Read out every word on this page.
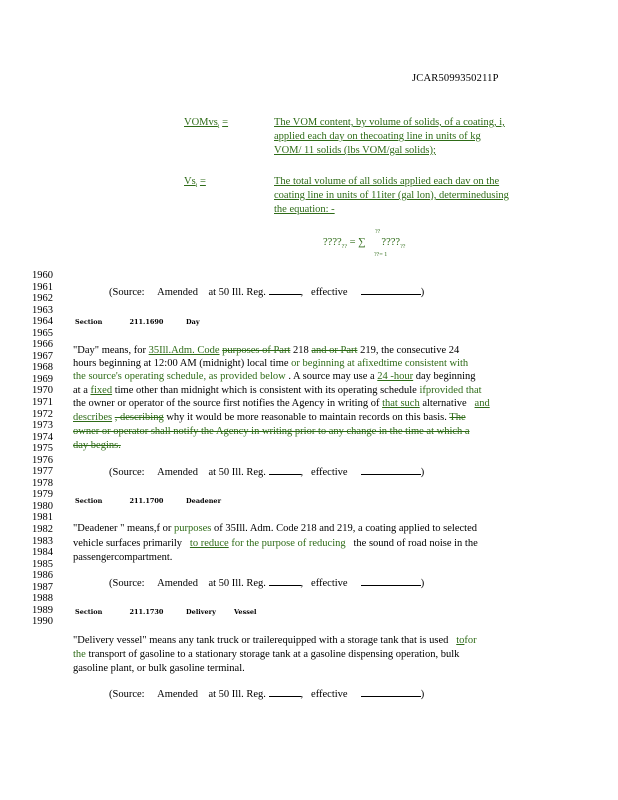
JCAR5099350211P
VOMvs$_i$ =	The VOM content, by volume of solids, of a coating, i,
applied each day on thecoating line in units of kg
VOM/ 11 solids (lbs VOM/gal solids);
$Vs_i$ =	The total volume of all solids applied each dav on the
coating line in units of 11iter (gal lon), determinedusing
the equation: -
$????_{??}$ = ∑ $????_{??}$
??
??= 1
1960
1961
1962
1963
1964
1965
1966
1967
1968
1969
1970
1971
1972
1973
1974
1975
1976
1977
1978
1979
1980
1981
1982
1983
1984
1985
1986
1987
1988
1989
1990
(Source: Amended at 50 Ill. Reg.	,   effective	)
Section	211.1690	Day
"Day" means, for 35Ill.Adm. Code purposes of Part 218 and or Part 219, the consecutive 24
hours beginning at 12:00 AM (midnight) local time or beginning at afixedtime consistent with
the source's operating schedule, as provided below . A source may use a 24 -hour day beginning
at a fixed time other than midnight which is consistent with its operating schedule ifprovided that
the owner or operator of the source first notifies the Agency in writing of that such alternative and
describes , describing why it would be more reasonable to maintain records on this basis. The
owner or operator shall notify the Agency in writing prior to any change in the time at which a
day begins.
(Source: Amended at 50 Ill. Reg.	,   effective	)
Section	211.1700	Deadener
"Deadener " means,f or purposes of 35Ill. Adm. Code 218 and 219, a coating applied to selected
vehicle surfaces primarily to reduce for the purpose of reducing the sound of road noise in the
passengercompartment.
(Source: Amended at 50 Ill. Reg.	,   effective	)
Section	211.1730	Delivery	Vessel
"Delivery vessel" means any tank truck or trailerequipped with a storage tank that is used tofor
the transport of gasoline to a stationary storage tank at a gasoline dispensing operation, bulk
gasoline plant, or bulk gasoline terminal.
(Source: Amended at 50 Ill. Reg.	,   effective	)
